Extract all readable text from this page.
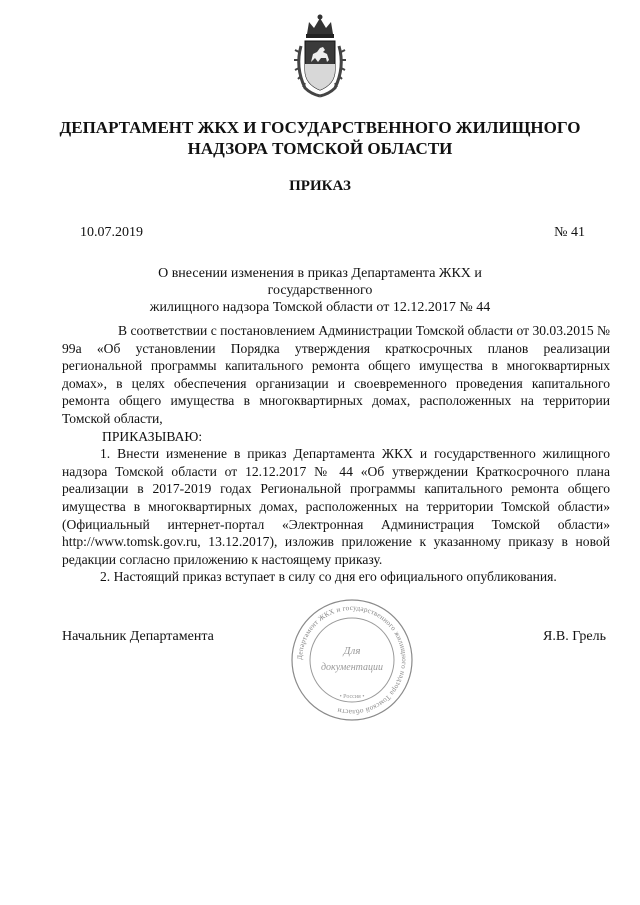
ДЕПАРТАМЕНТ ЖКХ И ГОСУДАРСТВЕННОГО ЖИЛИЩНОГО
НАДЗОРА ТОМСКОЙ ОБЛАСТИ
ПРИКАЗ
10.07.2019	№ 41
О внесении изменения в приказ Департамента ЖКХ и государственного
жилищного надзора Томской области от 12.12.2017 № 44

В соответствии с постановлением Администрации Томской области от 30.03.2015 № 99а «Об установлении Порядка утверждения краткосрочных планов реализации региональной программы капитального ремонта общего имущества в многоквартирных домах», в целях обеспечения организации и своевременного проведения капитального ремонта общего имущества в многоквартирных домах, расположенных на территории Томской области,

ПРИКАЗЫВАЮ:

1. Внести изменение в приказ Департамента ЖКХ и государственного жилищного надзора Томской области от 12.12.2017 № 44 «Об утверждении Краткосрочного плана реализации в 2017-2019 годах Региональной программы капитального ремонта общего имущества в многоквартирных домах, расположенных на территории Томской области» (Официальный интернет-портал «Электронная Администрация Томской области» http://www.tomsk.gov.ru, 13.12.2017), изложив приложение к указанному приказу в новой редакции согласно приложению к настоящему приказу.

2. Настоящий приказ вступает в силу со дня его официального опубликования.

Начальник Департамента	Я.В. Грель
Департамент ЖКХ и государственного жилищного надзора Томской области
Для
документации
• Россия •
